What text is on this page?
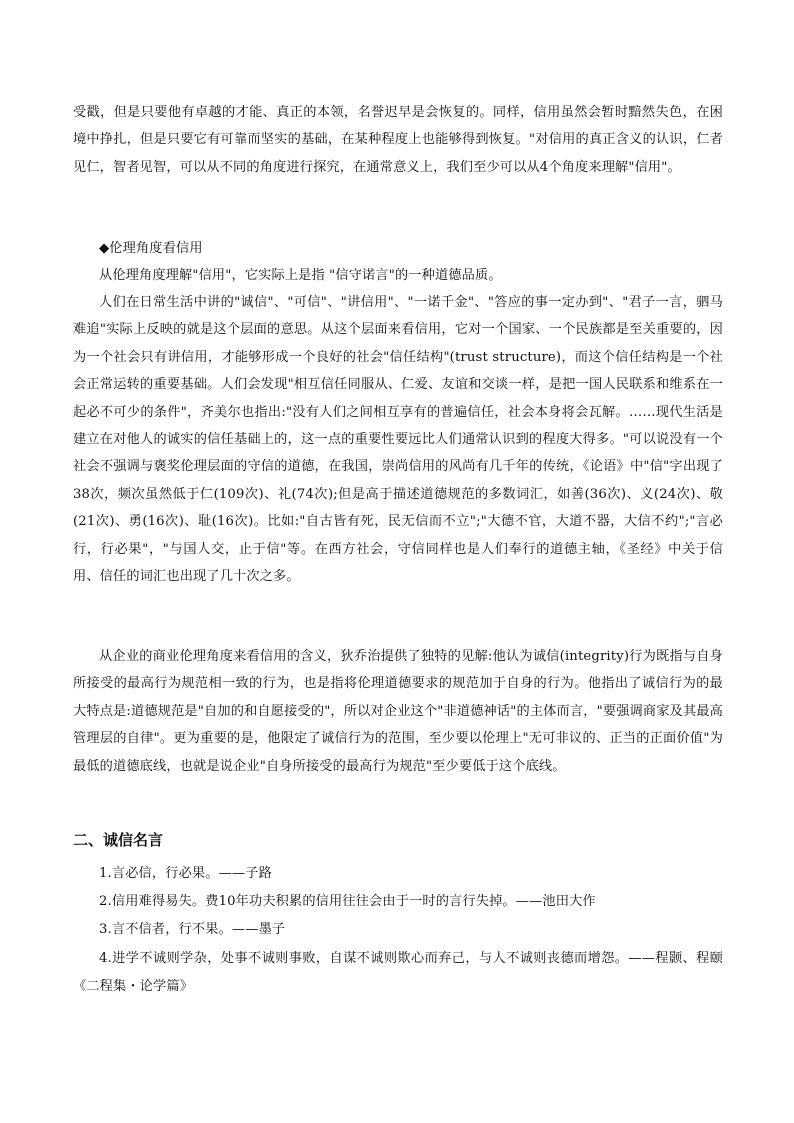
受戳，但是只要他有卓越的才能、真正的本领，名誉迟早是会恢复的。同样，信用虽然会暂时黯然失色，在困境中挣扎，但是只要它有可靠而坚实的基础，在某种程度上也能够得到恢复。"对信用的真正含义的认识，仁者见仁，智者见智，可以从不同的角度进行探究，在通常意义上，我们至少可以从4个角度来理解"信用"。

◆伦理角度看信用

从伦理角度理解"信用"，它实际上是指 "信守诺言"的一种道德品质。

人们在日常生活中讲的"诚信"、"可信"、"讲信用"、"一诺千金"、"答应的事一定办到"、"君子一言，驷马难追"实际上反映的就是这个层面的意思。从这个层面来看信用，它对一个国家、一个民族都是至关重要的，因为一个社会只有讲信用，才能够形成一个良好的社会"信任结构"(trust structure)，而这个信任结构是一个社会正常运转的重要基础。人们会发现"相互信任同服从、仁爱、友谊和交谈一样，是把一国人民联系和维系在一起必不可少的条件"，齐美尔也指出:"没有人们之间相互享有的普遍信任，社会本身将会瓦解。……现代生活是建立在对他人的诚实的信任基础上的，这一点的重要性要远比人们通常认识到的程度大得多。"可以说没有一个社会不强调与褒奖伦理层面的守信的道德，在我国，崇尚信用的风尚有几千年的传统，《论语》中"信"字出现了38次，频次虽然低于仁(109次)、礼(74次);但是高于描述道德规范的多数词汇，如善(36次)、义(24次)、敬(21次)、勇(16次)、耻(16次)。比如:"自古皆有死，民无信而不立";"大德不官，大道不器，大信不约";"言必行，行必果"，"与国人交，止于信"等。在西方社会，守信同样也是人们奉行的道德主轴，《圣经》中关于信用、信任的词汇也出现了几十次之多。

从企业的商业伦理角度来看信用的含义，狄乔治提供了独特的见解:他认为诚信(integrity)行为既指与自身所接受的最高行为规范相一致的行为，也是指将伦理道德要求的规范加于自身的行为。他指出了诚信行为的最大特点是:道德规范是"自加的和自愿接受的"，所以对企业这个"非道德神话"的主体而言，"要强调商家及其最高管理层的自律"。更为重要的是，他限定了诚信行为的范围，至少要以伦理上"无可非议的、正当的正面价值"为最低的道德底线，也就是说企业"自身所接受的最高行为规范"至少要低于这个底线。

二、诚信名言

1.言必信，行必果。——子路

2.信用难得易失。费10年功夫积累的信用往往会由于一时的言行失掉。——池田大作

3.言不信者，行不果。——墨子

4.进学不诚则学杂，处事不诚则事败，自谋不诚则欺心而弃己，与人不诚则丧德而增怨。——程颢、程颐《二程集・论学篇》
